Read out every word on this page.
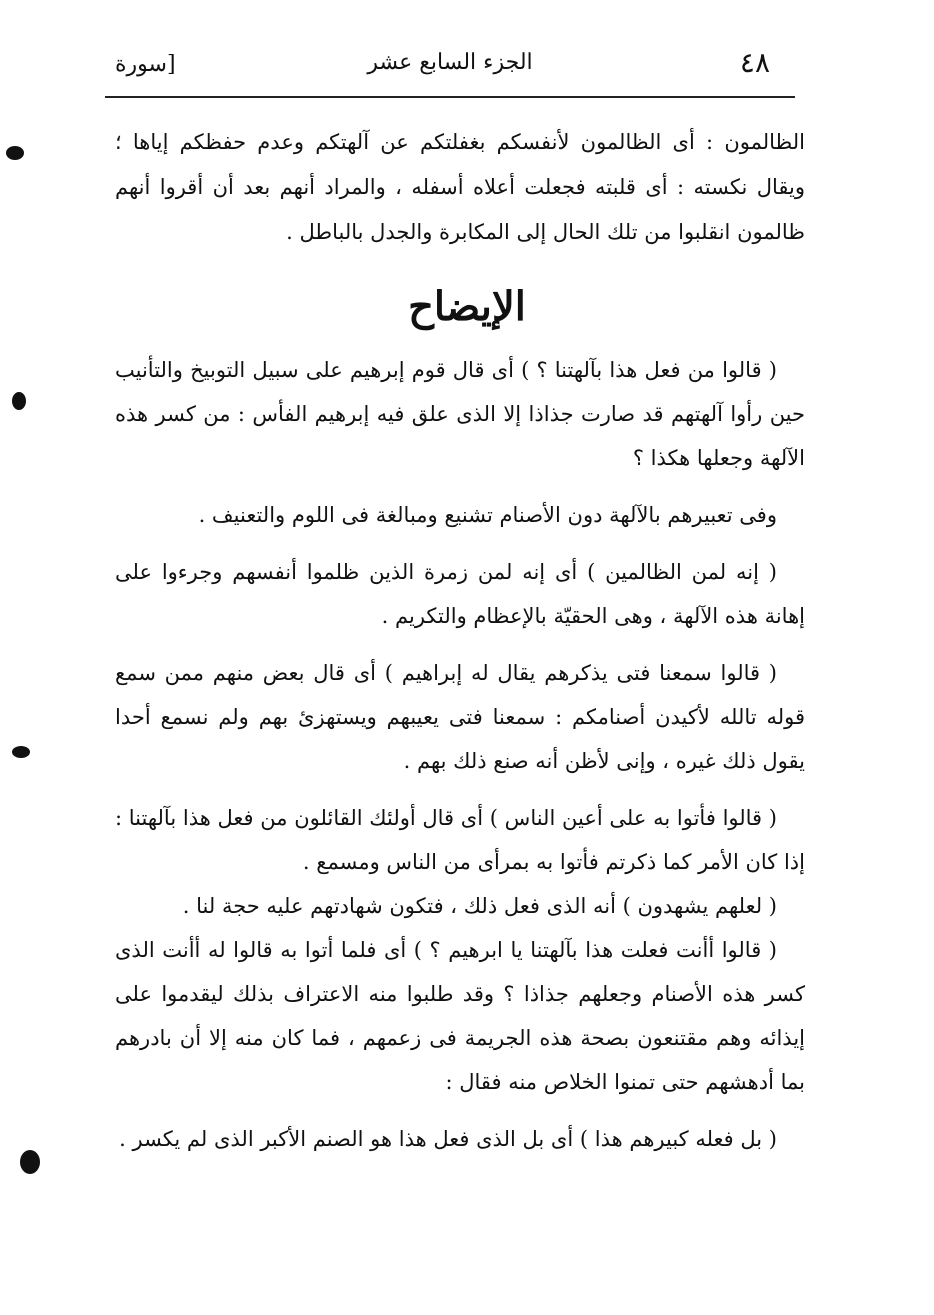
٤٨
الجزء السابع عشر
[سورة

الظالمون : أى الظالمون لأنفسكم بغفلتكم عن آلهتكم وعدم حفظكم إياها ؛ ويقال نكسته : أى قلبته فجعلت أعلاه أسفله ، والمراد أنهم بعد أن أقروا أنهم ظالمون انقلبوا من تلك الحال إلى المكابرة والجدل بالباطل .

الإيضاح

( قالوا من فعل هذا بآلهتنا ؟ ) أى قال قوم إبرهيم على سبيل التوبيخ والتأنيب حين رأوا آلهتهم قد صارت جذاذا إلا الذى علق فيه إبرهيم الفأس : من كسر هذه الآلهة وجعلها هكذا ؟

وفى تعبيرهم بالآلهة دون الأصنام تشنيع ومبالغة فى اللوم والتعنيف .

( إنه لمن الظالمين ) أى إنه لمن زمرة الذين ظلموا أنفسهم وجرءوا على إهانة هذه الآلهة ، وهى الحقيّة بالإعظام والتكريم .

( قالوا سمعنا فتى يذكرهم يقال له إبراهيم ) أى قال بعض منهم ممن سمع قوله تالله لأكيدن أصنامكم : سمعنا فتى يعيبهم ويستهزئ بهم ولم نسمع أحدا يقول ذلك غيره ، وإنى لأظن أنه صنع ذلك بهم .

( قالوا فأتوا به على أعين الناس ) أى قال أولئك القائلون من فعل هذا بآلهتنا : إذا كان الأمر كما ذكرتم فأتوا به بمرأى من الناس ومسمع .

( لعلهم يشهدون ) أنه الذى فعل ذلك ، فتكون شهادتهم عليه حجة لنا .

( قالوا أأنت فعلت هذا بآلهتنا يا ابرهيم ؟ ) أى فلما أتوا به قالوا له أأنت الذى كسر هذه الأصنام وجعلهم جذاذا ؟ وقد طلبوا منه الاعتراف بذلك ليقدموا على إيذائه وهم مقتنعون بصحة هذه الجريمة فى زعمهم ، فما كان منه إلا أن بادرهم بما أدهشهم حتى تمنوا الخلاص منه فقال :

( بل فعله كبيرهم هذا ) أى بل الذى فعل هذا هو الصنم الأكبر الذى لم يكسر .
